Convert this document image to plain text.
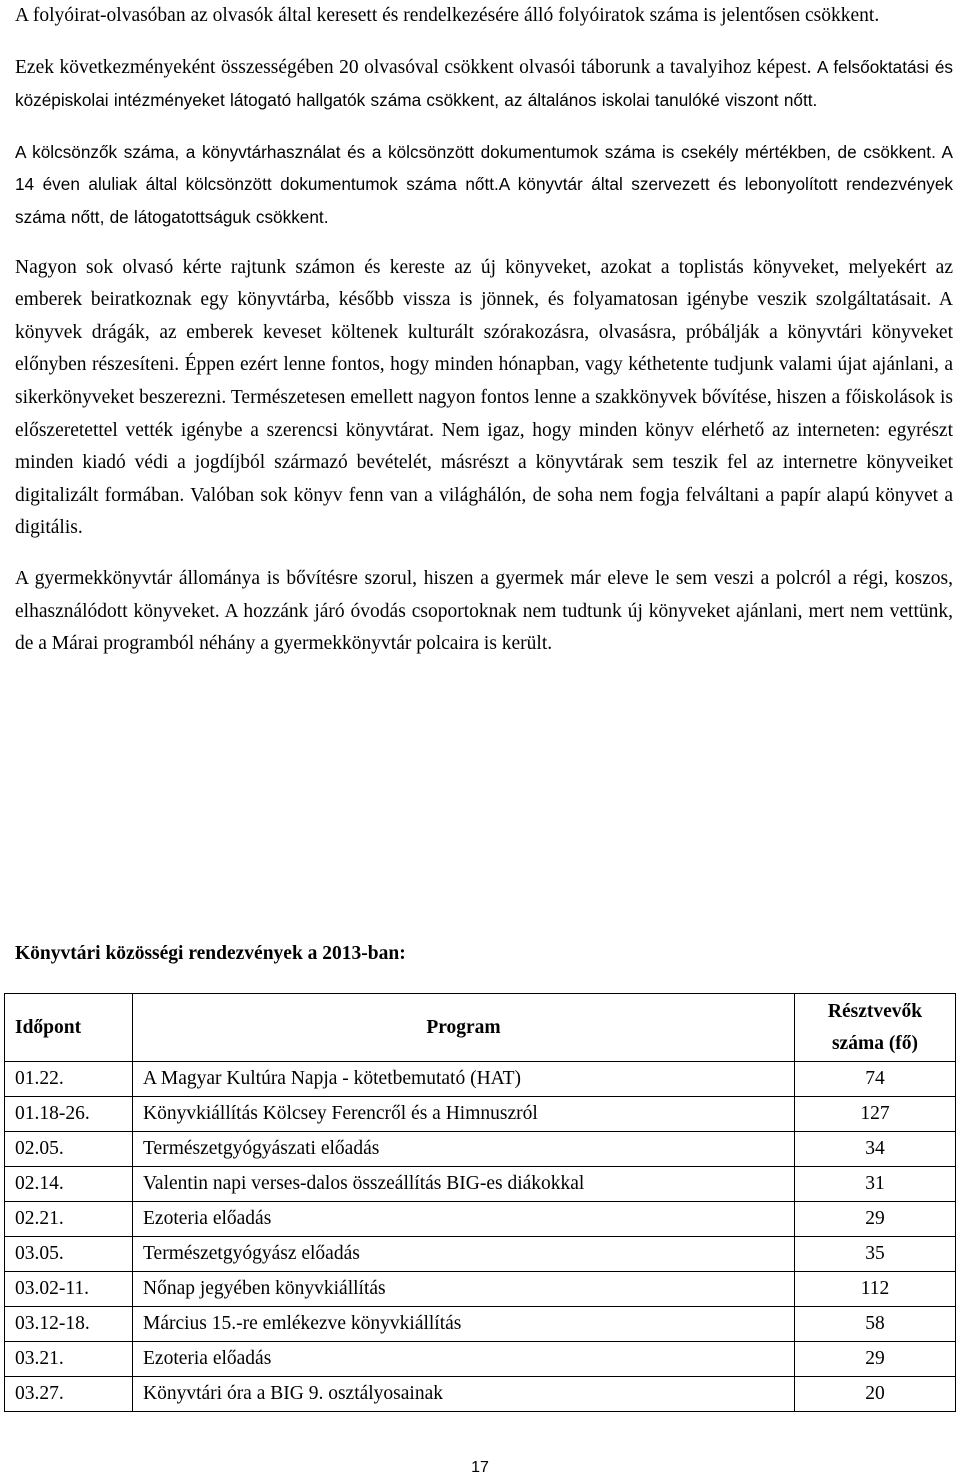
A folyóirat-olvasóban az olvasók által keresett és rendelkezésére álló folyóiratok száma is jelentősen csökkent.

Ezek következményeként összességében 20 olvasóval csökkent olvasói táborunk a tavalyihoz képest. A felsőoktatási és középiskolai intézményeket látogató hallgatók száma csökkent, az általános iskolai tanulóké viszont nőtt.

A kölcsönzők száma, a könyvtárhasználat és a kölcsönzött dokumentumok száma is csekély mértékben, de csökkent. A 14 éven aluliak által kölcsönzött dokumentumok száma nőtt.A könyvtár által szervezett és lebonyolított rendezvények száma nőtt, de látogatottságuk csökkent.

Nagyon sok olvasó kérte rajtunk számon és kereste az új könyveket, azokat a toplistás könyveket, melyekért az emberek beiratkoznak egy könyvtárba, később vissza is jönnek, és folyamatosan igénybe veszik szolgáltatásait. A könyvek drágák, az emberek keveset költenek kulturált szórakozásra, olvasásra, próbálják a könyvtári könyveket előnyben részesíteni. Éppen ezért lenne fontos, hogy minden hónapban, vagy kéthetente tudjunk valami újat ajánlani, a sikerkönyveket beszerezni. Természetesen emellett nagyon fontos lenne a szakkönyvek bővítése, hiszen a főiskolások is előszeretettel vették igénybe a szerencsi könyvtárat. Nem igaz, hogy minden könyv elérhető az interneten: egyrészt minden kiadó védi a jogdíjból származó bevételét, másrészt a könyvtárak sem teszik fel az internetre könyveiket digitalizált formában. Valóban sok könyv fenn van a világhálón, de soha nem fogja felváltani a papír alapú könyvet a digitális.

A gyermekkönyvtár állománya is bővítésre szorul, hiszen a gyermek már eleve le sem veszi a polcról a régi, koszos, elhasználódott könyveket. A hozzánk járó óvodás csoportoknak nem tudtunk új könyveket ajánlani, mert nem vettünk, de a Márai programból néhány a gyermekkönyvtár polcaira is került.

Könyvtári közösségi rendezvények a 2013-ban:

Időpont	Program	Résztvevők
száma (fő)
01.22.	A Magyar Kultúra Napja - kötetbemutató (HAT)	74
01.18-26.	Könyvkiállítás Kölcsey Ferencről és a Himnuszról	127
02.05.	Természetgyógyászati előadás	34
02.14.	Valentin napi verses-dalos összeállítás BIG-es diákokkal	31
02.21.	Ezoteria előadás	29
03.05.	Természetgyógyász előadás	35
03.02-11.	Nőnap jegyében könyvkiállítás	112
03.12-18.	Március 15.-re emlékezve könyvkiállítás	58
03.21.	Ezoteria előadás	29
03.27.	Könyvtári óra a BIG 9. osztályosainak	20
17
